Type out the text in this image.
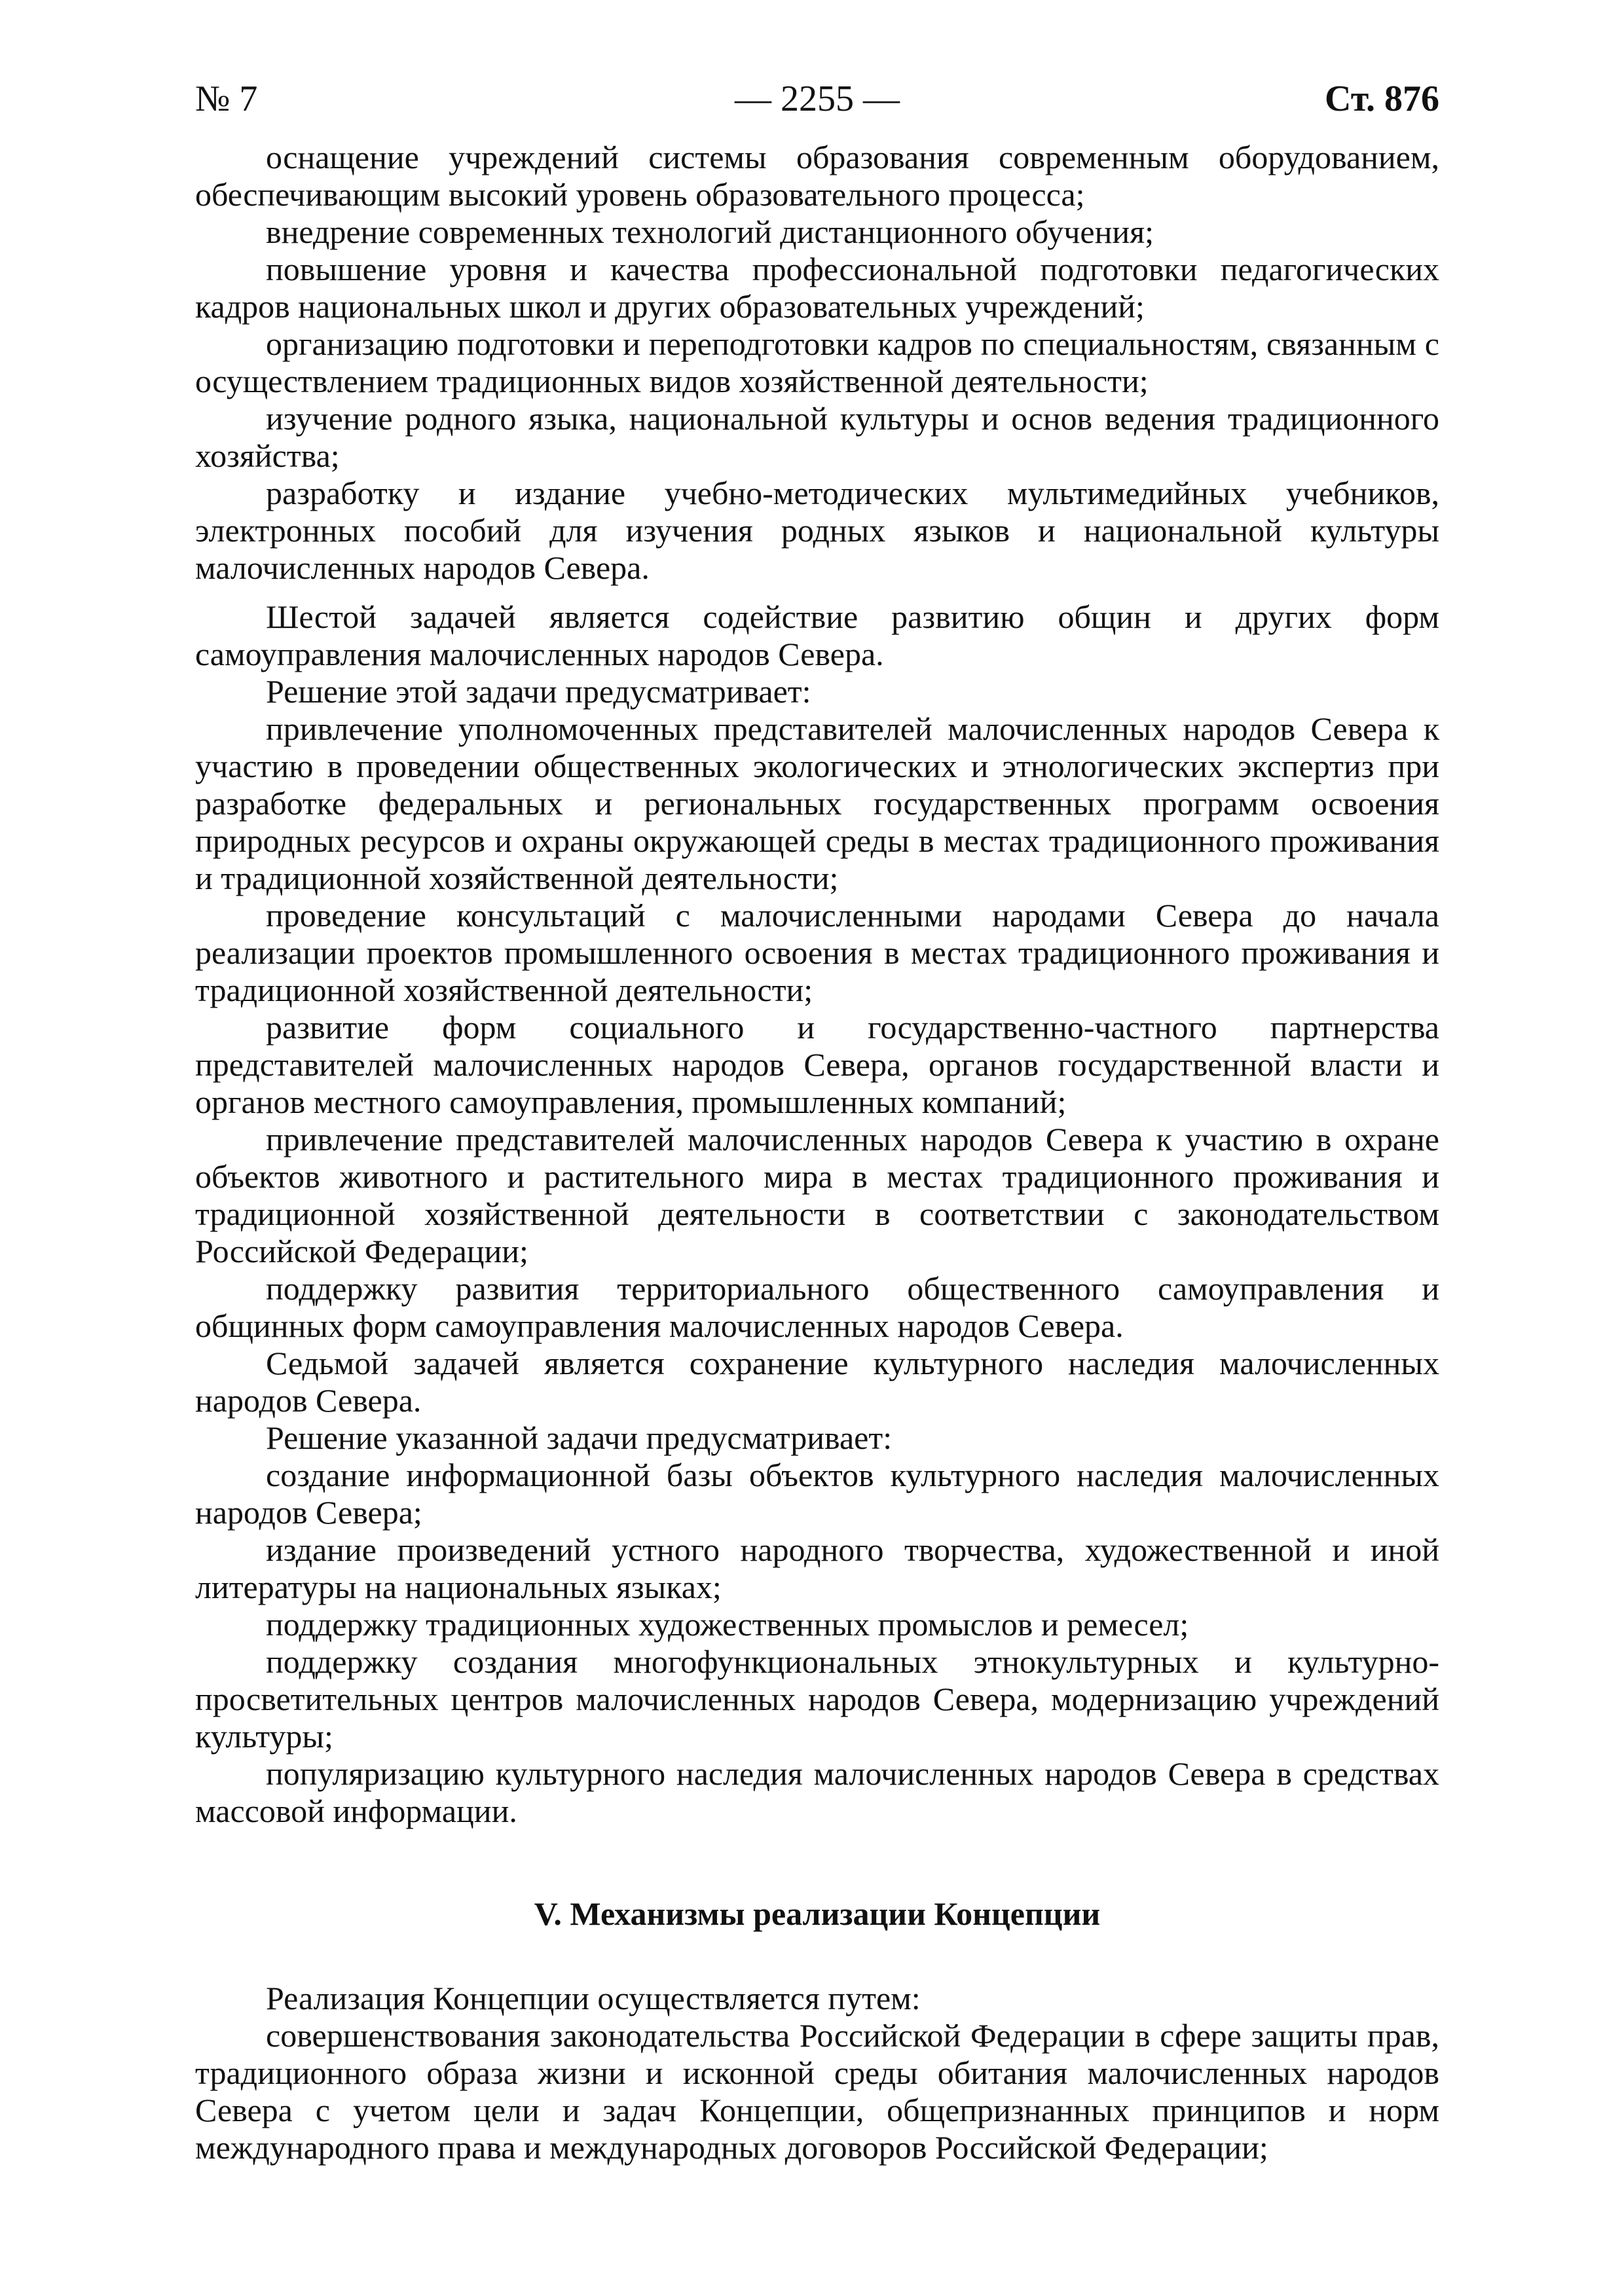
— 2255 —
№ 7	Ст. 876

оснащение учреждений системы образования современным оборудованием, обеспечивающим высокий уровень образовательного процесса;

внедрение современных технологий дистанционного обучения;

повышение уровня и качества профессиональной подготовки педагогических кадров национальных школ и других образовательных учреждений;

организацию подготовки и переподготовки кадров по специальностям, связанным с осуществлением традиционных видов хозяйственной деятельности;

изучение родного языка, национальной культуры и основ ведения традиционного хозяйства;

разработку и издание учебно-методических мультимедийных учебников, электронных пособий для изучения родных языков и национальной культуры малочисленных народов Севера.

Шестой задачей является содействие развитию общин и других форм самоуправления малочисленных народов Севера.

Решение этой задачи предусматривает:

привлечение уполномоченных представителей малочисленных народов Севера к участию в проведении общественных экологических и этнологических экспертиз при разработке федеральных и региональных государственных программ освоения природных ресурсов и охраны окружающей среды в местах традиционного проживания и традиционной хозяйственной деятельности;

проведение консультаций с малочисленными народами Севера до начала реализации проектов промышленного освоения в местах традиционного проживания и традиционной хозяйственной деятельности;

развитие форм социального и государственно-частного партнерства представителей малочисленных народов Севера, органов государственной власти и органов местного самоуправления, промышленных компаний;

привлечение представителей малочисленных народов Севера к участию в охране объектов животного и растительного мира в местах традиционного проживания и традиционной хозяйственной деятельности в соответствии с законодательством Российской Федерации;

поддержку развития территориального общественного самоуправления и общинных форм самоуправления малочисленных народов Севера.

Седьмой задачей является сохранение культурного наследия малочисленных народов Севера.

Решение указанной задачи предусматривает:

создание информационной базы объектов культурного наследия малочисленных народов Севера;

издание произведений устного народного творчества, художественной и иной литературы на национальных языках;

поддержку традиционных художественных промыслов и ремесел;

поддержку создания многофункциональных этнокультурных и культурно-просветительных центров малочисленных народов Севера, модернизацию учреждений культуры;

популяризацию культурного наследия малочисленных народов Севера в средствах массовой информации.

V. Механизмы реализации Концепции

Реализация Концепции осуществляется путем:

совершенствования законодательства Российской Федерации в сфере защиты прав, традиционного образа жизни и исконной среды обитания малочисленных народов Севера с учетом цели и задач Концепции, общепризнанных принципов и норм международного права и международных договоров Российской Федерации;
